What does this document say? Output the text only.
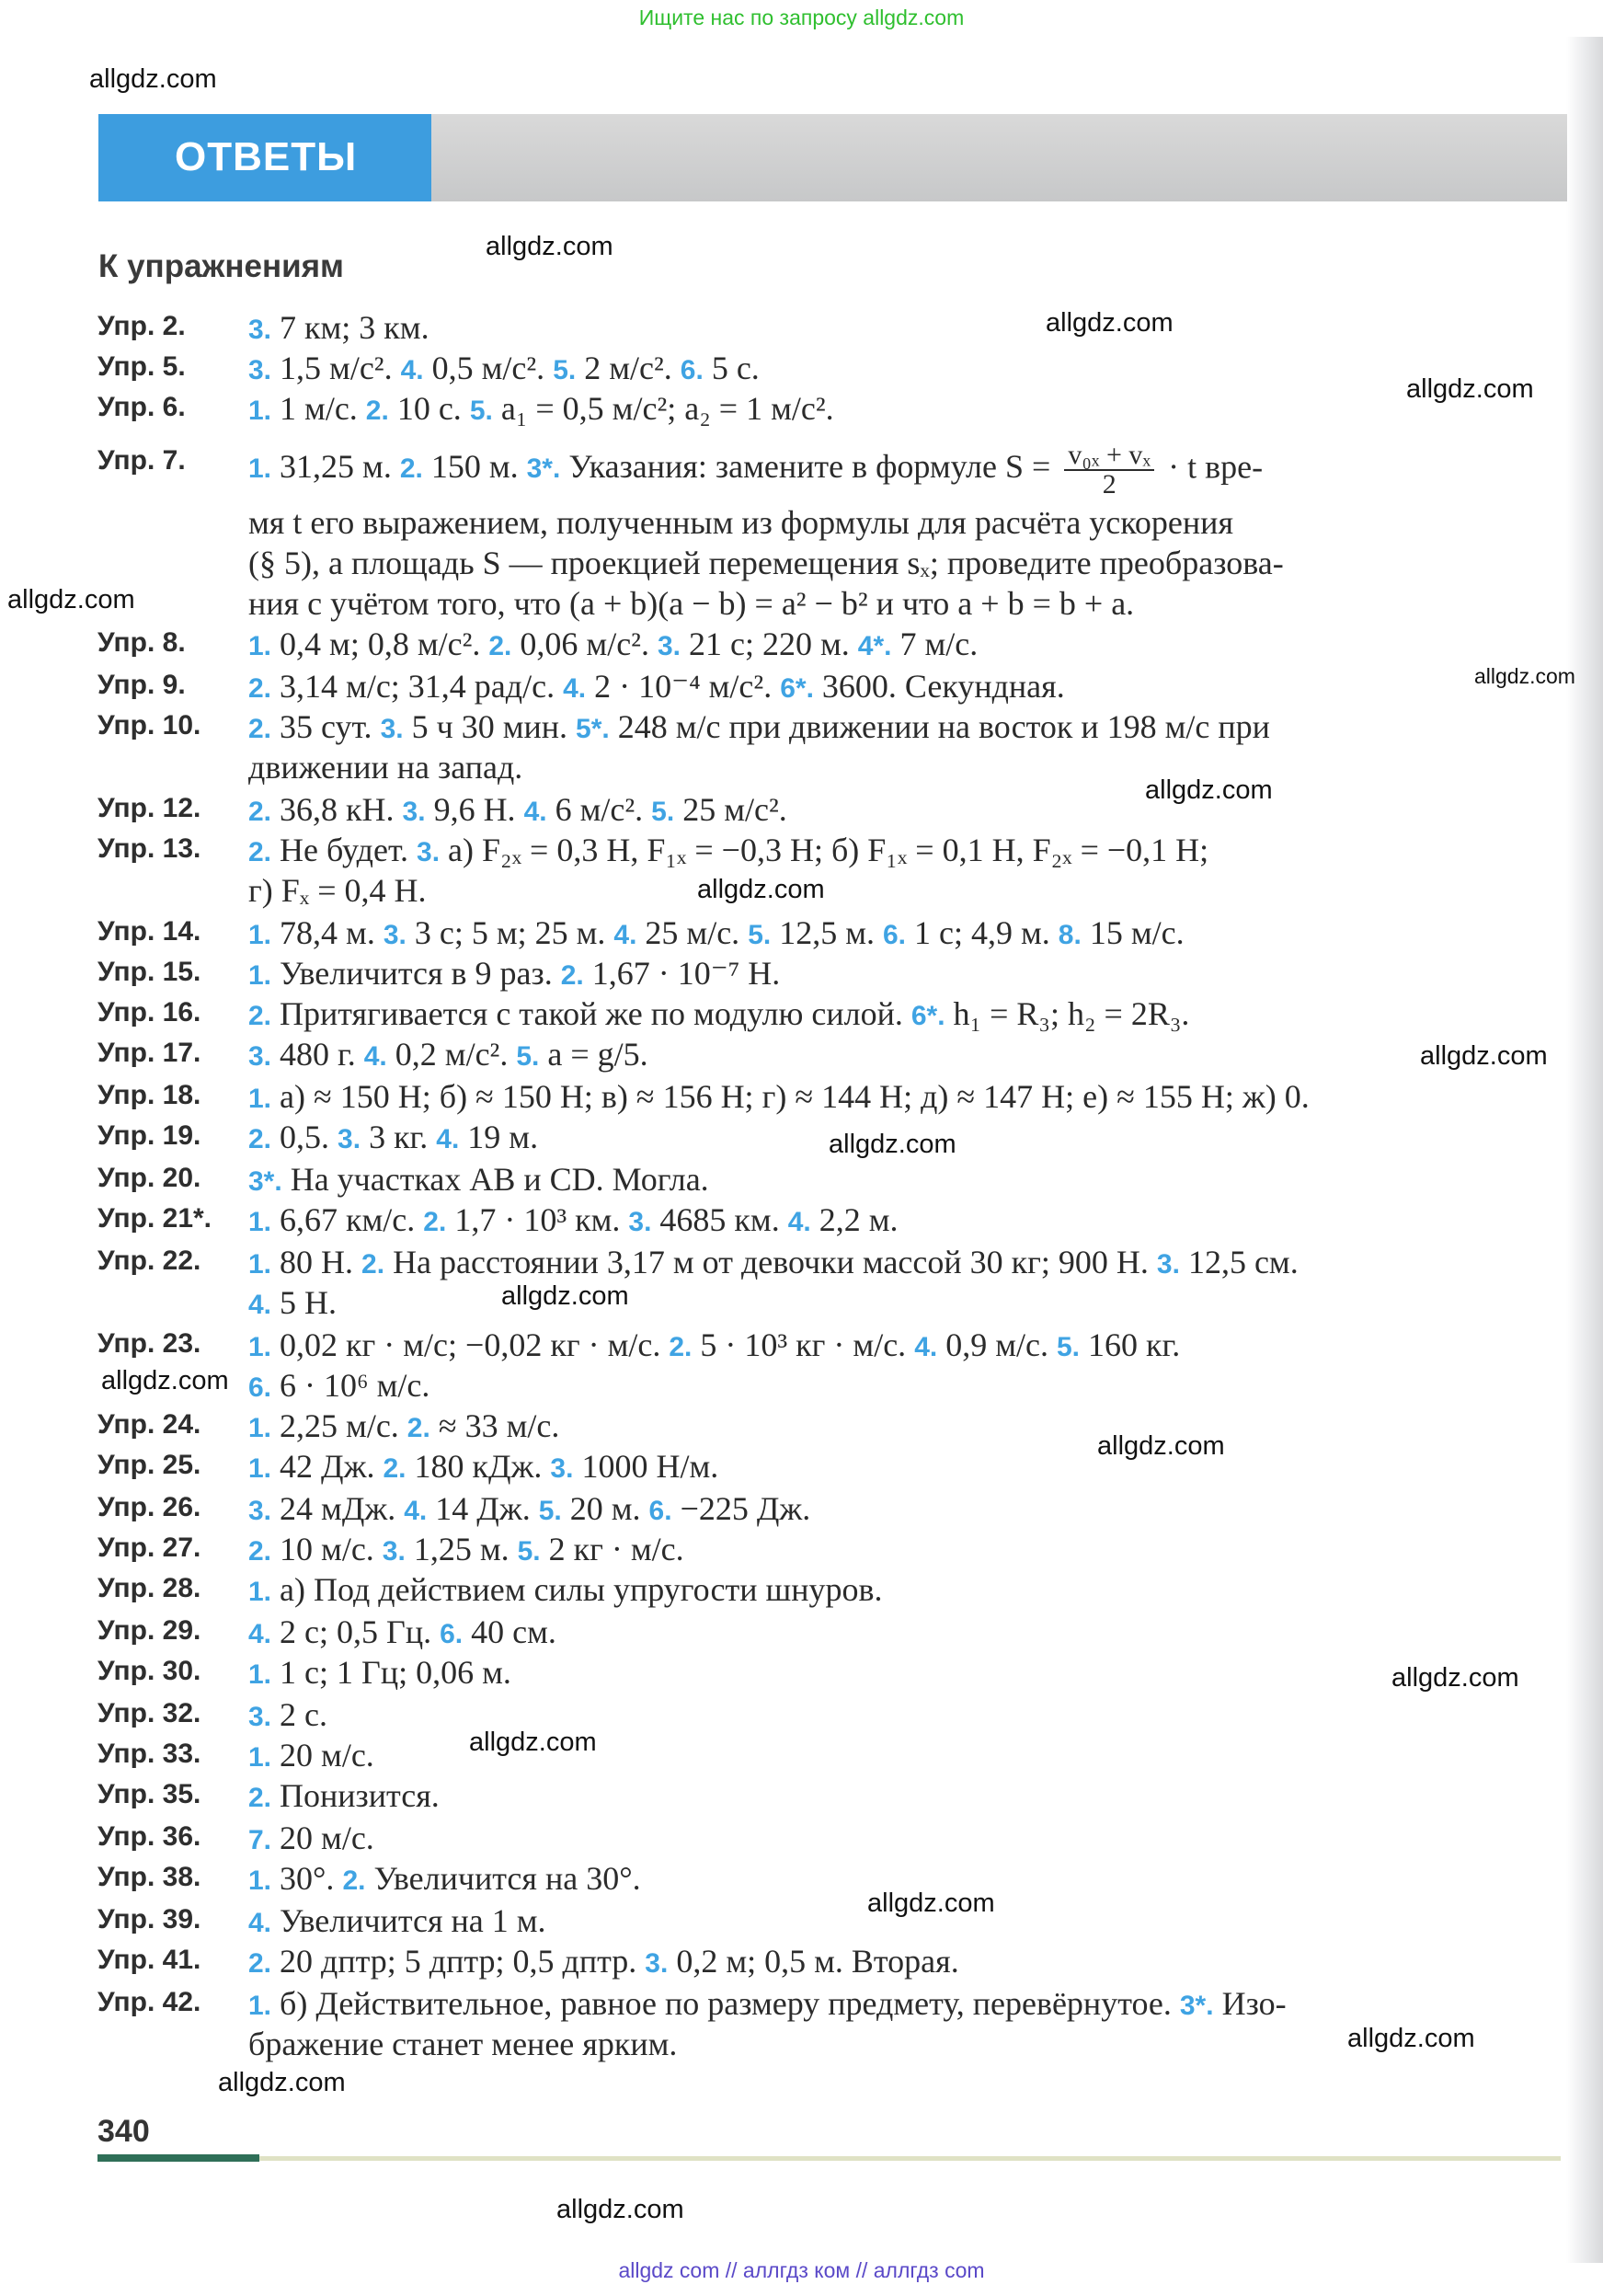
Ищите нас по запросу allgdz.com
ОТВЕТЫ
К упражнениям
Упр. 2. 3. 7 км; 3 км.
Упр. 5. 3. 1,5 м/с². 4. 0,5 м/с². 5. 2 м/с². 6. 5 с.
Упр. 6. 1. 1 м/с. 2. 10 с. 5. a₁ = 0,5 м/с²; a₂ = 1 м/с².
Упр. 7. 1. 31,25 м. 2. 150 м. 3*. Указания: замените в формуле $S = \frac{\text{v₀ₓ + vₓ}}{2} \cdot t$ вре-
мя t его выражением, полученным из формулы для расчёта ускорения
(§ 5), а площадь S — проекцией перемещения sₓ; проведите преобразова-
ния с учётом того, что (a + b)(a − b) = a² − b² и что a + b = b + a.
Упр. 8. 1. 0,4 м; 0,8 м/с². 2. 0,06 м/с². 3. 21 с; 220 м. 4*. 7 м/с.
Упр. 9. 2. 3,14 м/с; 31,4 рад/с. 4. 2 · 10⁻⁴ м/с². 6*. 3600. Секундная.
Упр. 10. 2. 35 сут. 3. 5 ч 30 мин. 5*. 248 м/с при движении на восток и 198 м/с при
движении на запад.
Упр. 12. 2. 36,8 кН. 3. 9,6 Н. 4. 6 м/с². 5. 25 м/с².
Упр. 13. 2. Не будет. 3. а) F₂ₓ = 0,3 Н, F₁ₓ = −0,3 Н; б) F₁ₓ = 0,1 Н, F₂ₓ = −0,1 Н;
г) Fₓ = 0,4 Н.
Упр. 14. 1. 78,4 м. 3. 3 с; 5 м; 25 м. 4. 25 м/с. 5. 12,5 м. 6. 1 с; 4,9 м. 8. 15 м/с.
Упр. 15. 1. Увеличится в 9 раз. 2. 1,67 · 10⁻⁷ Н.
Упр. 16. 2. Притягивается с такой же по модулю силой. 6*. h₁ = R₃; h₂ = 2R₃.
Упр. 17. 3. 480 г. 4. 0,2 м/с². 5. a = g/5.
Упр. 18. 1. а) ≈ 150 Н; б) ≈ 150 Н; в) ≈ 156 Н; г) ≈ 144 Н; д) ≈ 147 Н; е) ≈ 155 Н; ж) 0.
Упр. 19. 2. 0,5. 3. 3 кг. 4. 19 м.
Упр. 20. 3*. На участках AB и CD. Могла.
Упр. 21*. 1. 6,67 км/с. 2. 1,7 · 10³ км. 3. 4685 км. 4. 2,2 м.
Упр. 22. 1. 80 Н. 2. На расстоянии 3,17 м от девочки массой 30 кг; 900 Н. 3. 12,5 см.
4. 5 Н.
Упр. 23. 1. 0,02 кг · м/с; −0,02 кг · м/с. 2. 5 · 10³ кг · м/с. 4. 0,9 м/с. 5. 160 кг.
6. 6 · 10⁶ м/с.
Упр. 24. 1. 2,25 м/с. 2. ≈ 33 м/с.
Упр. 25. 1. 42 Дж. 2. 180 кДж. 3. 1000 Н/м.
Упр. 26. 3. 24 мДж. 4. 14 Дж. 5. 20 м. 6. −225 Дж.
Упр. 27. 2. 10 м/с. 3. 1,25 м. 5. 2 кг · м/с.
Упр. 28. 1. а) Под действием силы упругости шнуров.
Упр. 29. 4. 2 с; 0,5 Гц. 6. 40 см.
Упр. 30. 1. 1 с; 1 Гц; 0,06 м.
Упр. 32. 3. 2 с.
Упр. 33. 1. 20 м/с.
Упр. 35. 2. Понизится.
Упр. 36. 7. 20 м/с.
Упр. 38. 1. 30°. 2. Увеличится на 30°.
Упр. 39. 4. Увеличится на 1 м.
Упр. 41. 2. 20 дптр; 5 дптр; 0,5 дптр. 3. 0,2 м; 0,5 м. Вторая.
Упр. 42. 1. б) Действительное, равное по размеру предмету, перевёрнутое. 3*. Изо-
бражение станет менее ярким.
allgdz.com
allgdz.com
allgdz.com
allgdz.com
allgdz.com
allgdz.com
allgdz.com
allgdz.com
allgdz.com
allgdz.com
allgdz.com
allgdz.com
allgdz.com
allgdz.com
allgdz.com
allgdz.com
allgdz.com
allgdz.com
allgdz.com
340
allgdz com // аллгдз ком // аллгдз com
